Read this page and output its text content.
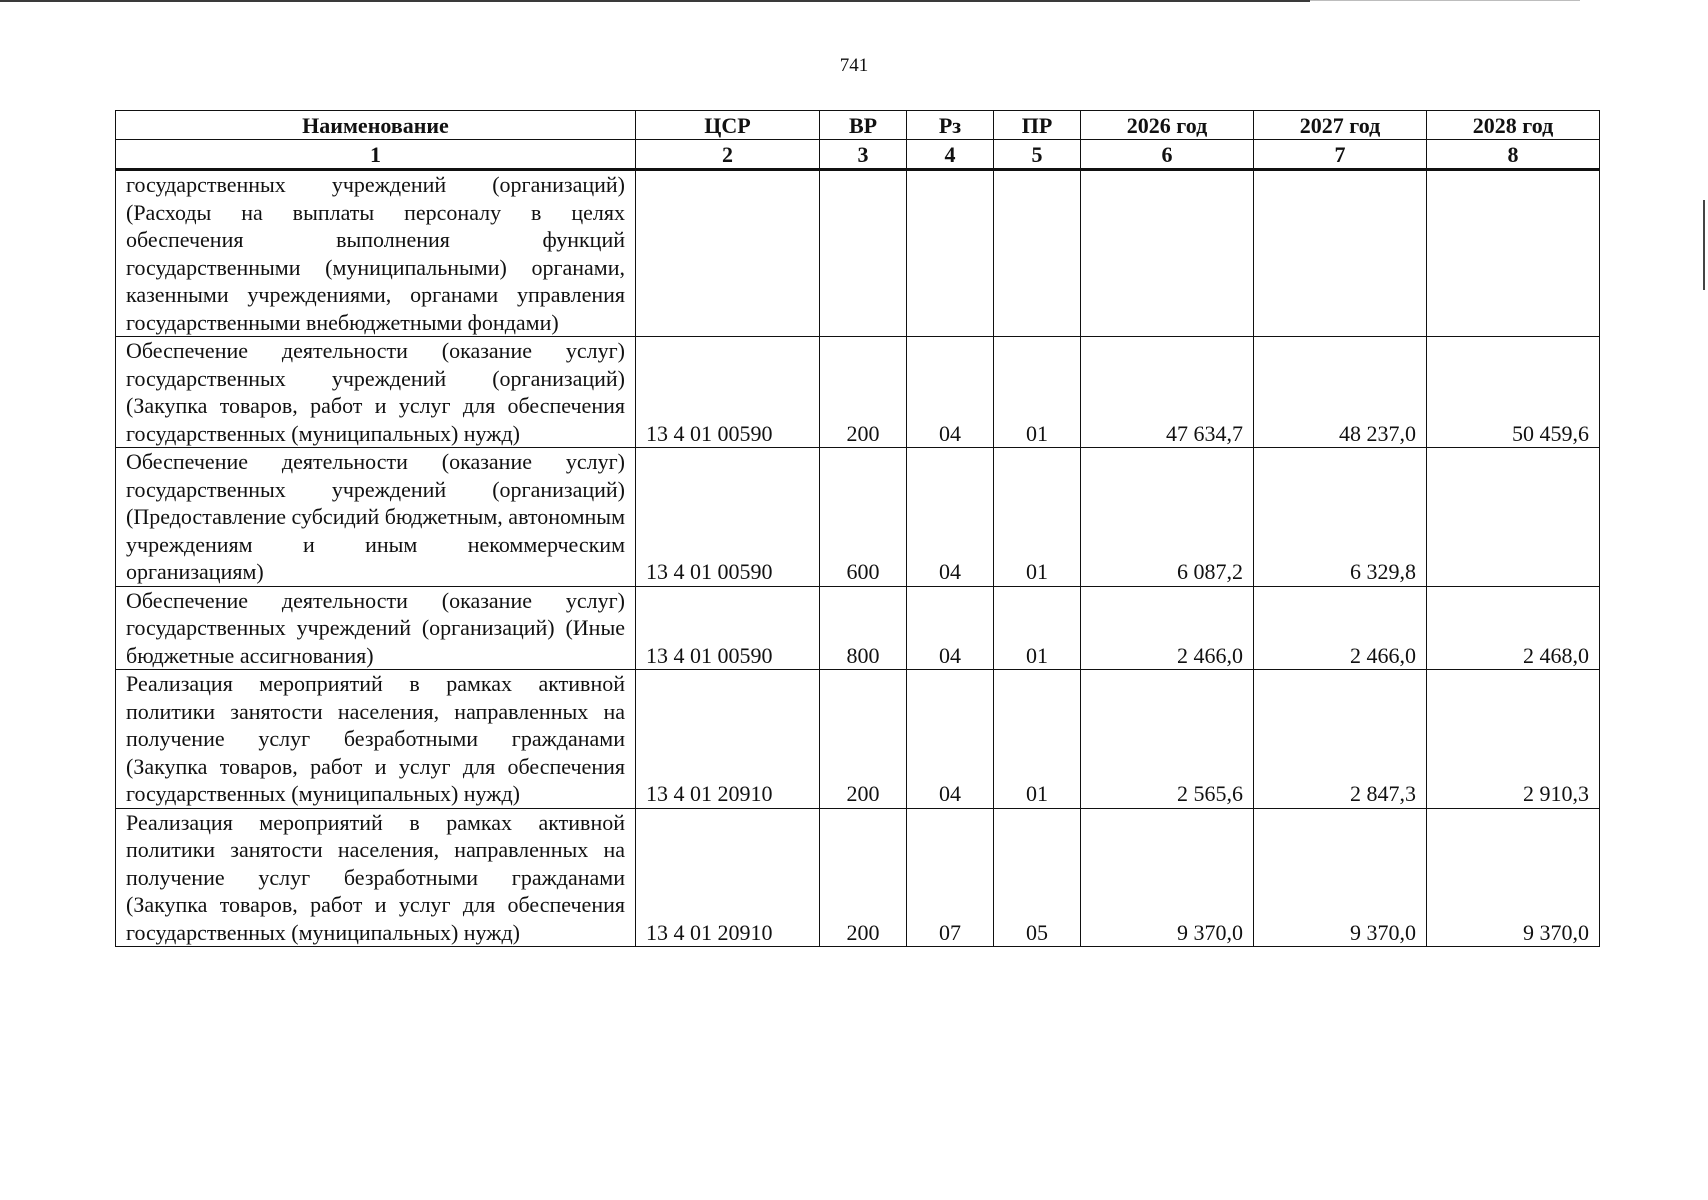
741
Наименование	ЦСР	ВР	Рз	ПР	2026 год	2027 год	2028 год
1	2	3	4	5	6	7	8
государственных учреждений (организаций) (Расходы на выплаты персоналу в целях обеспечения выполнения функций государственными (муниципальными) органами, казенными учреждениями, органами управления государственными внебюджетными фондами)							
Обеспечение деятельности (оказание услуг) государственных учреждений (организаций) (Закупка товаров, работ и услуг для обеспечения государственных (муниципальных) нужд)	13 4 01 00590	200	04	01	47 634,7	48 237,0	50 459,6
Обеспечение деятельности (оказание услуг) государственных учреждений (организаций) (Предоставление субсидий бюджетным, автономным учреждениям и иным некоммерческим организациям)	13 4 01 00590	600	04	01	6 087,2	6 329,8	
Обеспечение деятельности (оказание услуг) государственных учреждений (организаций) (Иные бюджетные ассигнования)	13 4 01 00590	800	04	01	2 466,0	2 466,0	2 468,0
Реализация мероприятий в рамках активной политики занятости населения, направленных на получение услуг безработными гражданами (Закупка товаров, работ и услуг для обеспечения государственных (муниципальных) нужд)	13 4 01 20910	200	04	01	2 565,6	2 847,3	2 910,3
Реализация мероприятий в рамках активной политики занятости населения, направленных на получение услуг безработными гражданами (Закупка товаров, работ и услуг для обеспечения государственных (муниципальных) нужд)	13 4 01 20910	200	07	05	9 370,0	9 370,0	9 370,0
